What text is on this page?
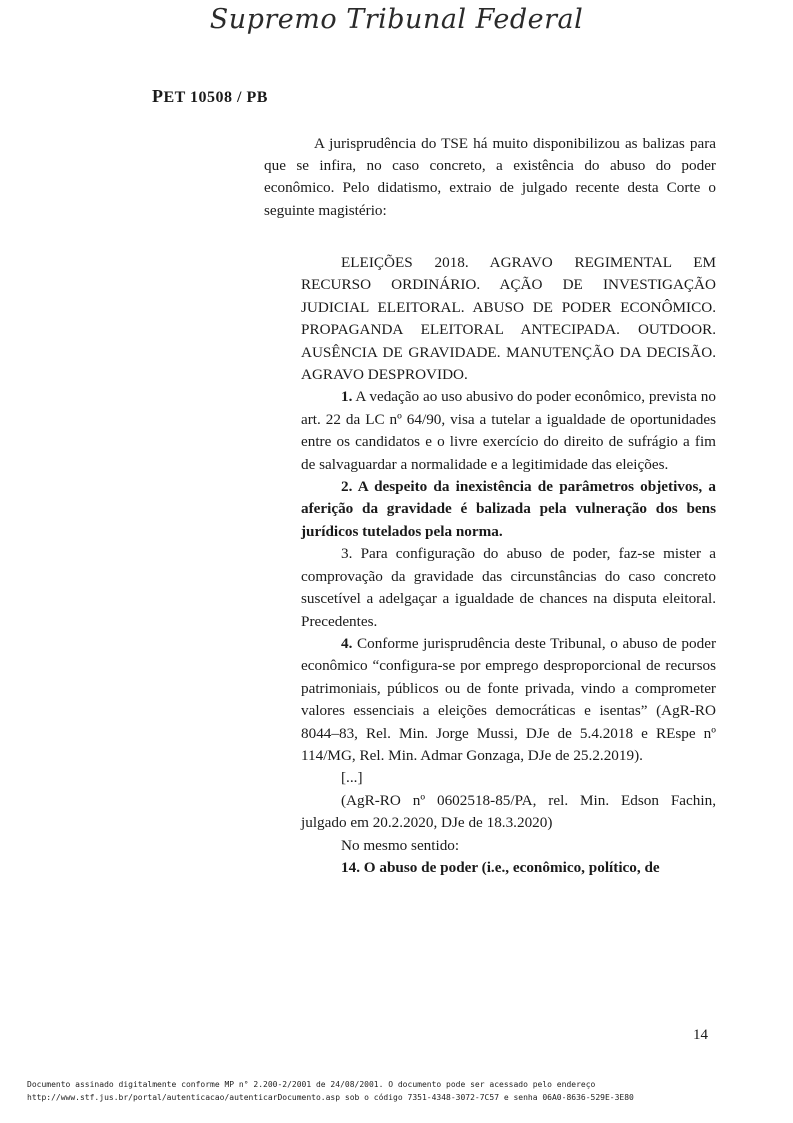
Supremo Tribunal Federal
PET 10508 / PB

A jurisprudência do TSE há muito disponibilizou as balizas para que se infira, no caso concreto, a existência do abuso do poder econômico. Pelo didatismo, extraio de julgado recente desta Corte o seguinte magistério:

ELEIÇÕES 2018. AGRAVO REGIMENTAL EM RECURSO ORDINÁRIO. AÇÃO DE INVESTIGAÇÃO JUDICIAL ELEITORAL. ABUSO DE PODER ECONÔMICO. PROPAGANDA ELEITORAL ANTECIPADA. OUTDOOR. AUSÊNCIA DE GRAVIDADE. MANUTENÇÃO DA DECISÃO. AGRAVO DESPROVIDO.

1. A vedação ao uso abusivo do poder econômico, prevista no art. 22 da LC nº 64/90, visa a tutelar a igualdade de oportunidades entre os candidatos e o livre exercício do direito de sufrágio a fim de salvaguardar a normalidade e a legitimidade das eleições.

2. A despeito da inexistência de parâmetros objetivos, a aferição da gravidade é balizada pela vulneração dos bens jurídicos tutelados pela norma.

3. Para configuração do abuso de poder, faz-se mister a comprovação da gravidade das circunstâncias do caso concreto suscetível a adelgaçar a igualdade de chances na disputa eleitoral. Precedentes.

4. Conforme jurisprudência deste Tribunal, o abuso de poder econômico “configura-se por emprego desproporcional de recursos patrimoniais, públicos ou de fonte privada, vindo a comprometer valores essenciais a eleições democráticas e isentas” (AgR-RO 8044–83, Rel. Min. Jorge Mussi, DJe de 5.4.2018 e REspe nº 114/MG, Rel. Min. Admar Gonzaga, DJe de 25.2.2019).

[...]

(AgR-RO nº 0602518-85/PA, rel. Min. Edson Fachin, julgado em 20.2.2020, DJe de 18.3.2020)

No mesmo sentido:

14. O abuso de poder (i.e., econômico, político, de

14
Documento assinado digitalmente conforme MP n° 2.200-2/2001 de 24/08/2001. O documento pode ser acessado pelo endereço
http://www.stf.jus.br/portal/autenticacao/autenticarDocumento.asp sob o código 7351-4348-3072-7C57 e senha 06A0-8636-529E-3E80
